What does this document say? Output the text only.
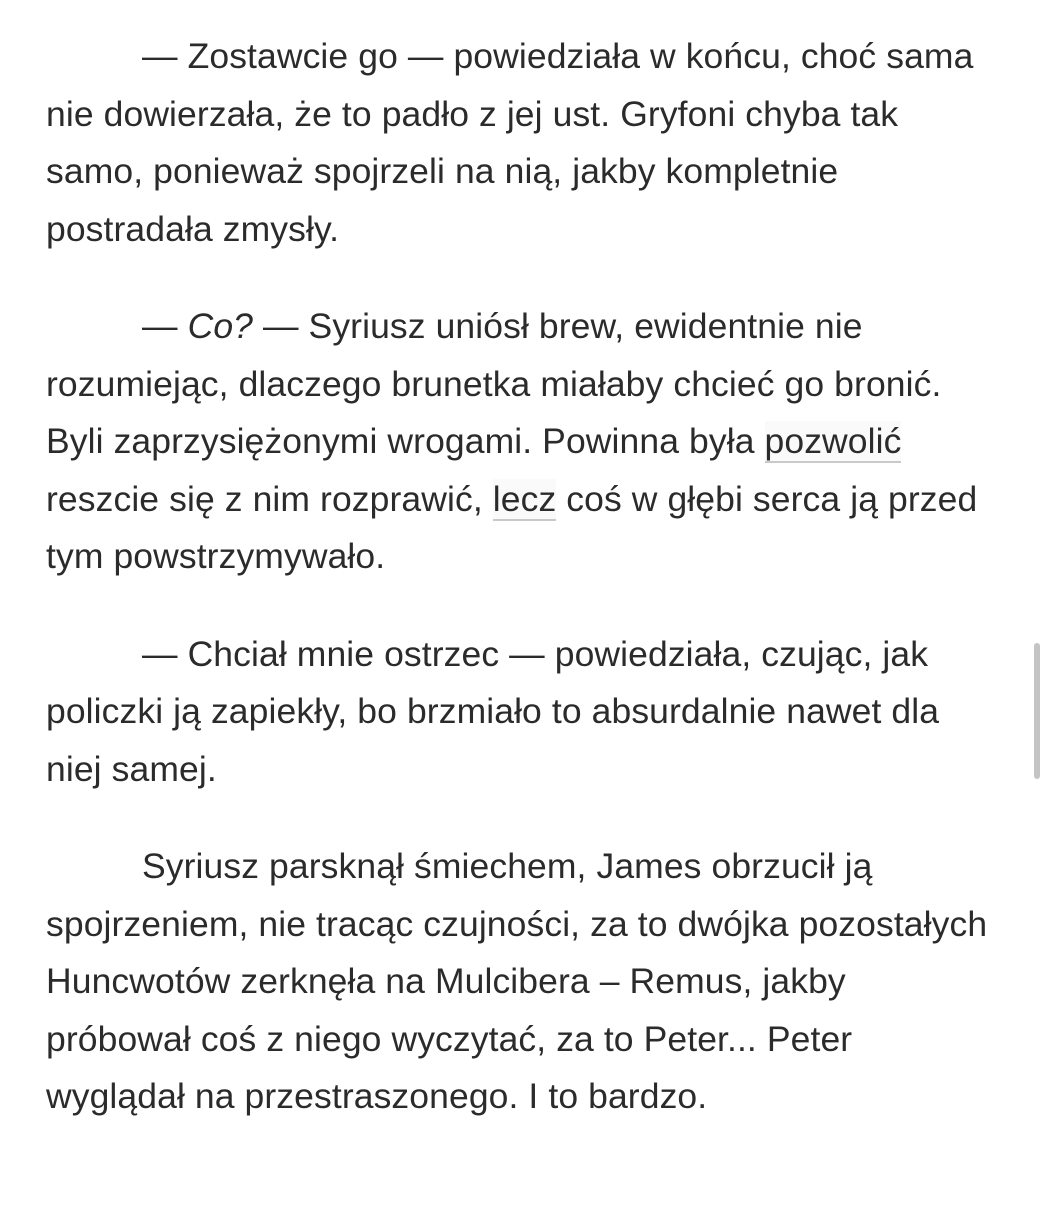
— Zostawcie go — powiedziała w końcu, choć sama nie dowierzała, że to padło z jej ust. Gryfoni chyba tak samo, ponieważ spojrzeli na nią, jakby kompletnie postradała zmysły.

— Co? — Syriusz uniósł brew, ewidentnie nie rozumiejąc, dlaczego brunetka miałaby chcieć go bronić. Byli zaprzysiężonymi wrogami. Powinna była pozwolić reszcie się z nim rozprawić, lecz coś w głębi serca ją przed tym powstrzymywało.

— Chciał mnie ostrzec — powiedziała, czując, jak policzki ją zapiekły, bo brzmiało to absurdalnie nawet dla niej samej.

Syriusz parsknął śmiechem, James obrzucił ją spojrzeniem, nie tracąc czujności, za to dwójka pozostałych Huncwotów zerknęła na Mulcibera – Remus, jakby próbował coś z niego wyczytać, za to Peter... Peter wyglądał na przestraszonego. I to bardzo.
